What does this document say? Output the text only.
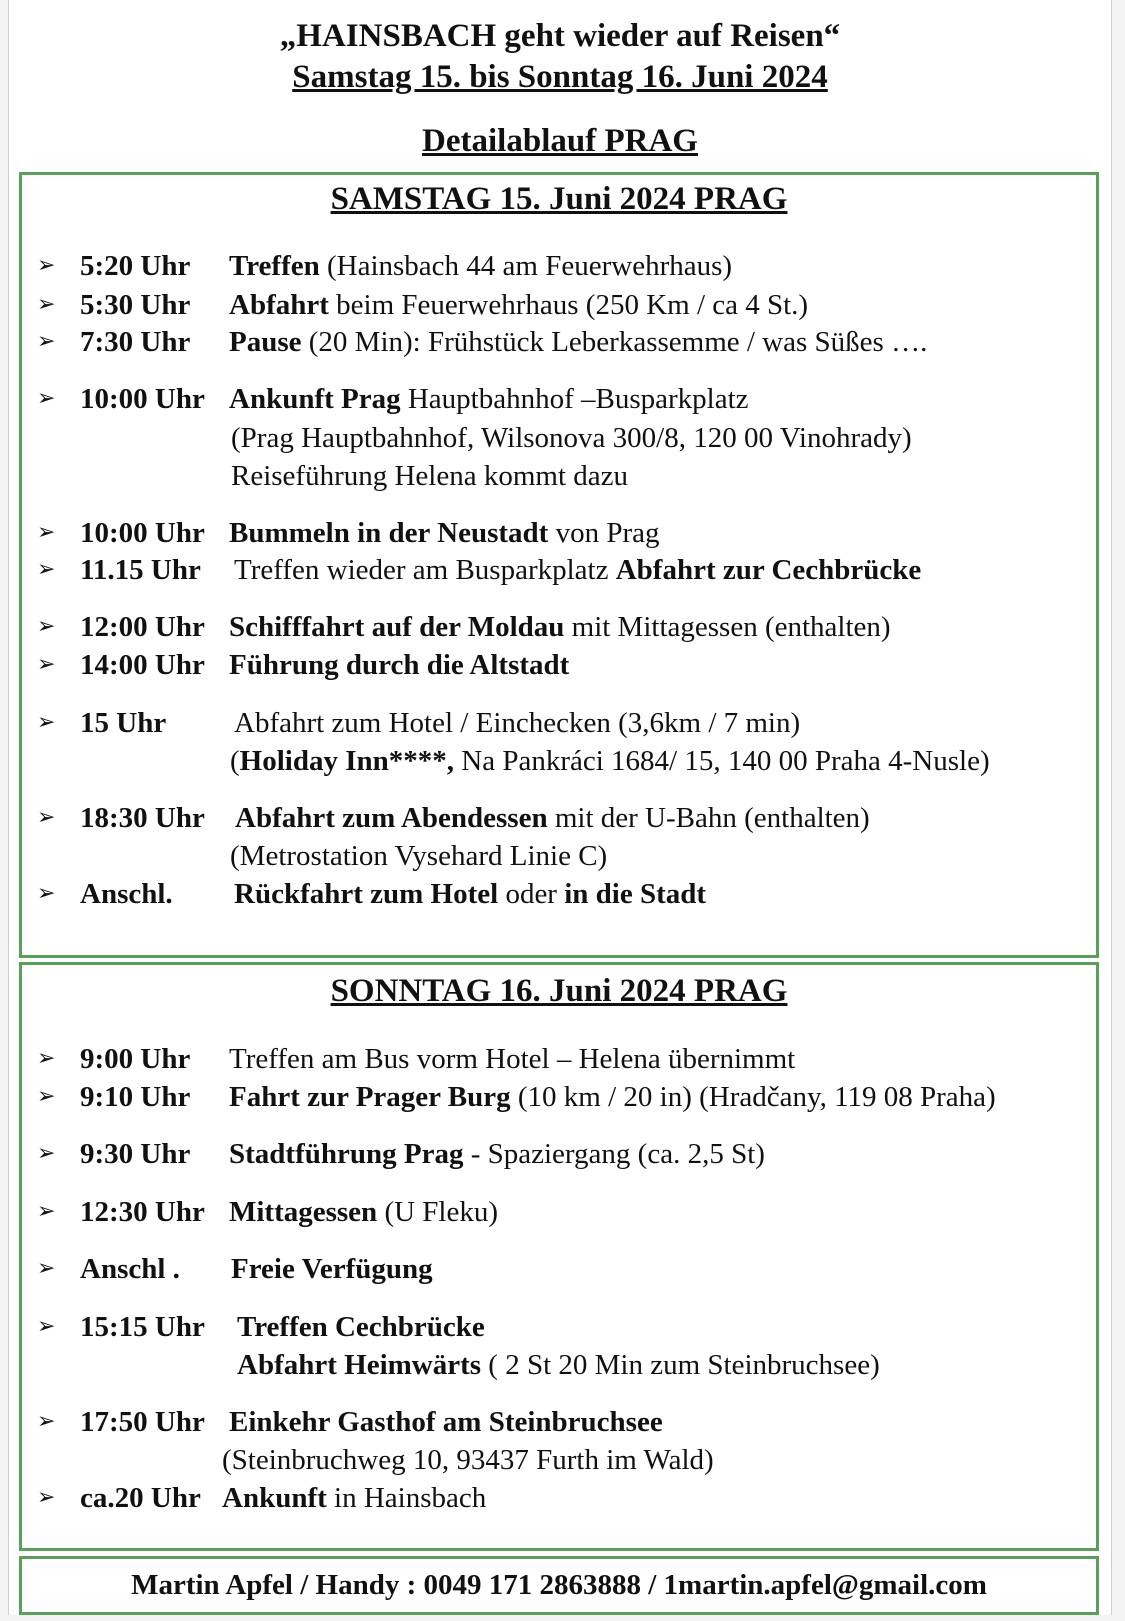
„HAINSBACH geht wieder auf Reisen“
Samstag 15. bis Sonntag 16. Juni 2024
Detailablauf PRAG
SAMSTAG 15. Juni 2024 PRAG
➢ 5:20 Uhr Treffen (Hainsbach 44 am Feuerwehrhaus)
➢ 5:30 Uhr Abfahrt beim Feuerwehrhaus (250 Km / ca 4 St.)
➢ 7:30 Uhr Pause (20 Min): Frühstück Leberkassemme / was Süßes ….
➢ 10:00 Uhr Ankunft Prag Hauptbahnhof –Busparkplatz
(Prag Hauptbahnhof, Wilsonova 300/8, 120 00 Vinohrady)
Reiseführung Helena kommt dazu
➢ 10:00 Uhr Bummeln in der Neustadt von Prag
➢ 11.15 Uhr Treffen wieder am Busparkplatz Abfahrt zur Cechbrücke
➢ 12:00 Uhr Schifffahrt auf der Moldau mit Mittagessen (enthalten)
➢ 14:00 Uhr Führung durch die Altstadt
➢ 15 Uhr Abfahrt zum Hotel / Einchecken (3,6km / 7 min)
(Holiday Inn****, Na Pankráci 1684/ 15, 140 00 Praha 4-Nusle)
➢ 18:30 Uhr Abfahrt zum Abendessen mit der U-Bahn (enthalten)
(Metrostation Vysehard Linie C)
➢ Anschl. Rückfahrt zum Hotel oder in die Stadt
SONNTAG 16. Juni 2024 PRAG
➢ 9:00 Uhr Treffen am Bus vorm Hotel – Helena übernimmt
➢ 9:10 Uhr Fahrt zur Prager Burg (10 km / 20 in) (Hradčany, 119 08 Praha)
➢ 9:30 Uhr Stadtführung Prag - Spaziergang (ca. 2,5 St)
➢ 12:30 Uhr Mittagessen (U Fleku)
➢ Anschl . Freie Verfügung
➢ 15:15 Uhr Treffen Cechbrücke
Abfahrt Heimwärts ( 2 St 20 Min zum Steinbruchsee)
➢ 17:50 Uhr Einkehr Gasthof am Steinbruchsee
(Steinbruchweg 10, 93437 Furth im Wald)
➢ ca.20 Uhr Ankunft in Hainsbach
Martin Apfel / Handy : 0049 171 2863888 / 1martin.apfel@gmail.com
